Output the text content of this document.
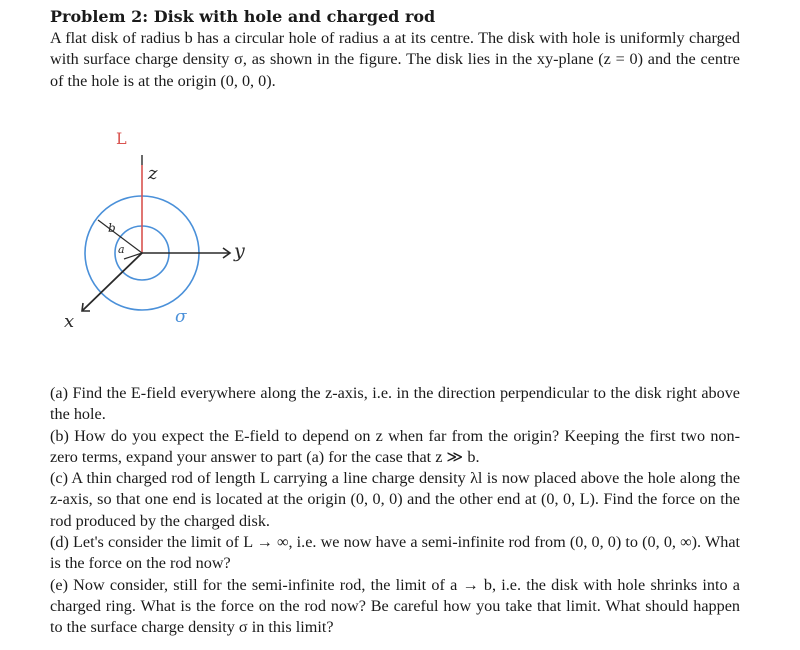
Problem 2: Disk with hole and charged rod

A flat disk of radius b has a circular hole of radius a at its centre. The disk with hole is uniformly charged with surface charge density σ, as shown in the figure. The disk lies in the xy-plane (z = 0) and the centre of the hole is at the origin (0, 0, 0).

L
z
b
a	y
x	σ

(a) Find the E-field everywhere along the z-axis, i.e. in the direction perpendicular to the disk right above the hole.

(b) How do you expect the E-field to depend on z when far from the origin? Keeping the first two non-zero terms, expand your answer to part (a) for the case that z ≫ b.

(c) A thin charged rod of length L carrying a line charge density λl is now placed above the hole along the z-axis, so that one end is located at the origin (0, 0, 0) and the other end at (0, 0, L). Find the force on the rod produced by the charged disk.

(d) Let's consider the limit of L → ∞, i.e. we now have a semi-infinite rod from (0, 0, 0) to (0, 0, ∞). What is the force on the rod now?

(e) Now consider, still for the semi-infinite rod, the limit of a → b, i.e. the disk with hole shrinks into a charged ring. What is the force on the rod now? Be careful how you take that limit. What should happen to the surface charge density σ in this limit?
